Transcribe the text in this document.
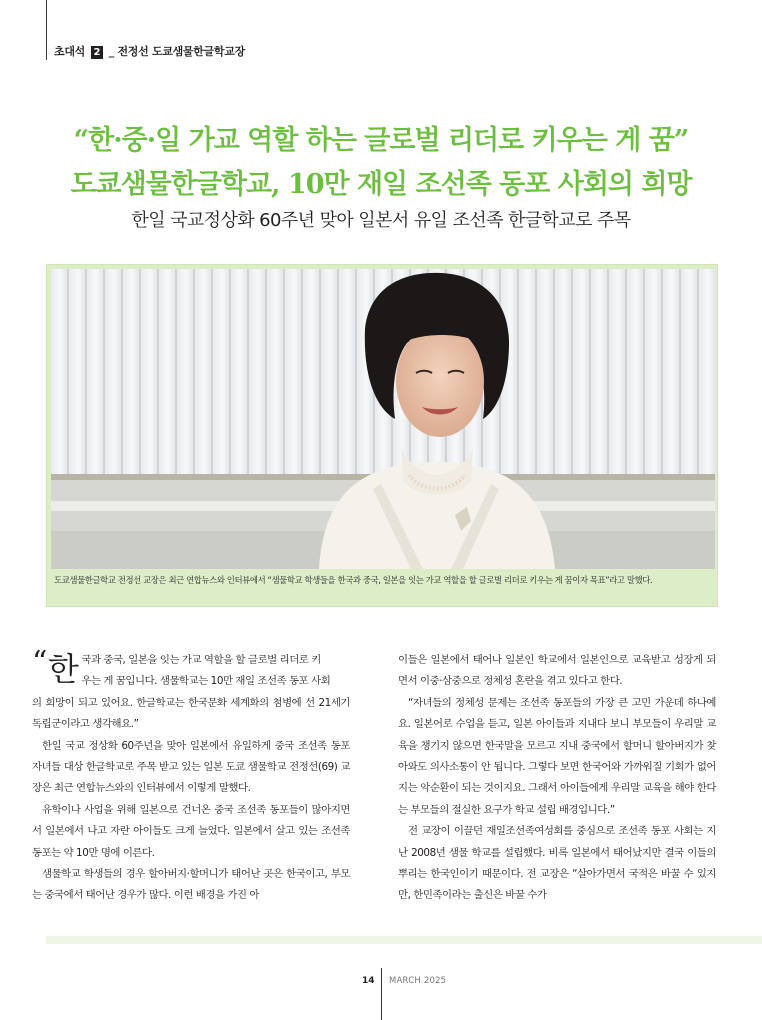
초대석 2 _ 전정선 도쿄샘물한글학교장
“한·중·일 가교 역할 하는 글로벌 리더로 키우는 게 꿈”
도쿄샘물한글학교, 10만 재일 조선족 동포 사회의 희망
한일 국교정상화 60주년 맞아 일본서 유일 조선족 한글학교로 주목
도쿄샘물한글학교 전정선 교장은 최근 연합뉴스와 인터뷰에서 “샘물학교 학생들을 한국과 중국, 일본을 잇는 가교 역할을 할 글로벌 리더로 키우는 게 꿈이자 목표”라고 말했다.
“ 한 국과 중국, 일본을 잇는 가교 역할을 할 글로벌 리더로 키
우는 게 꿈입니다. 샘물학교는 10만 재일 조선족 동포 사회

의 희망이 되고 있어요. 한글학교는 한국문화 세계화의 첨병에 선 21세기 독립군이라고 생각해요.”

한일 국교 정상화 60주년을 맞아 일본에서 유일하게 중국 조선족 동포 자녀들 대상 한글학교로 주목 받고 있는 일본 도쿄 샘물학교 전정선(69) 교장은 최근 연합뉴스와의 인터뷰에서 이렇게 말했다.

유학이나 사업을 위해 일본으로 건너온 중국 조선족 동포들이 많아지면서 일본에서 나고 자란 아이들도 크게 늘었다. 일본에서 살고 있는 조선족 동포는 약 10만 명에 이른다.

샘물학교 학생들의 경우 할아버지·할머니가 태어난 곳은 한국이고, 부모는 중국에서 태어난 경우가 많다. 이런 배경을 가진 아

이들은 일본에서 태어나 일본인 학교에서 일본인으로 교육받고 성장게 되면서 이중·삼중으로 정체성 혼란을 겪고 있다고 한다.

“자녀들의 정체성 문제는 조선족 동포들의 가장 큰 고민 가운데 하나예요. 일본어로 수업을 듣고, 일본 아이들과 지내다 보니 부모들이 우리말 교육을 챙기지 않으면 한국말을 모르고 지내 중국에서 할머니 할아버지가 찾아와도 의사소통이 안 됩니다. 그렇다 보면 한국어와 가까워질 기회가 없어지는 악순환이 되는 것이지요. 그래서 아이들에게 우리말 교육을 해야 한다는 부모들의 절실한 요구가 학교 설립 배경입니다.”

전 교장이 이끌던 재일조선족여성회를 중심으로 조선족 동포 사회는 지난 2008년 샘물 학교를 설립했다. 비록 일본에서 태어났지만 결국 이들의 뿌리는 한국인이기 때문이다. 전 교장은 “살아가면서 국적은 바꿀 수 있지만, 한민족이라는 출신은 바꿀 수가

14 MARCH 2025
